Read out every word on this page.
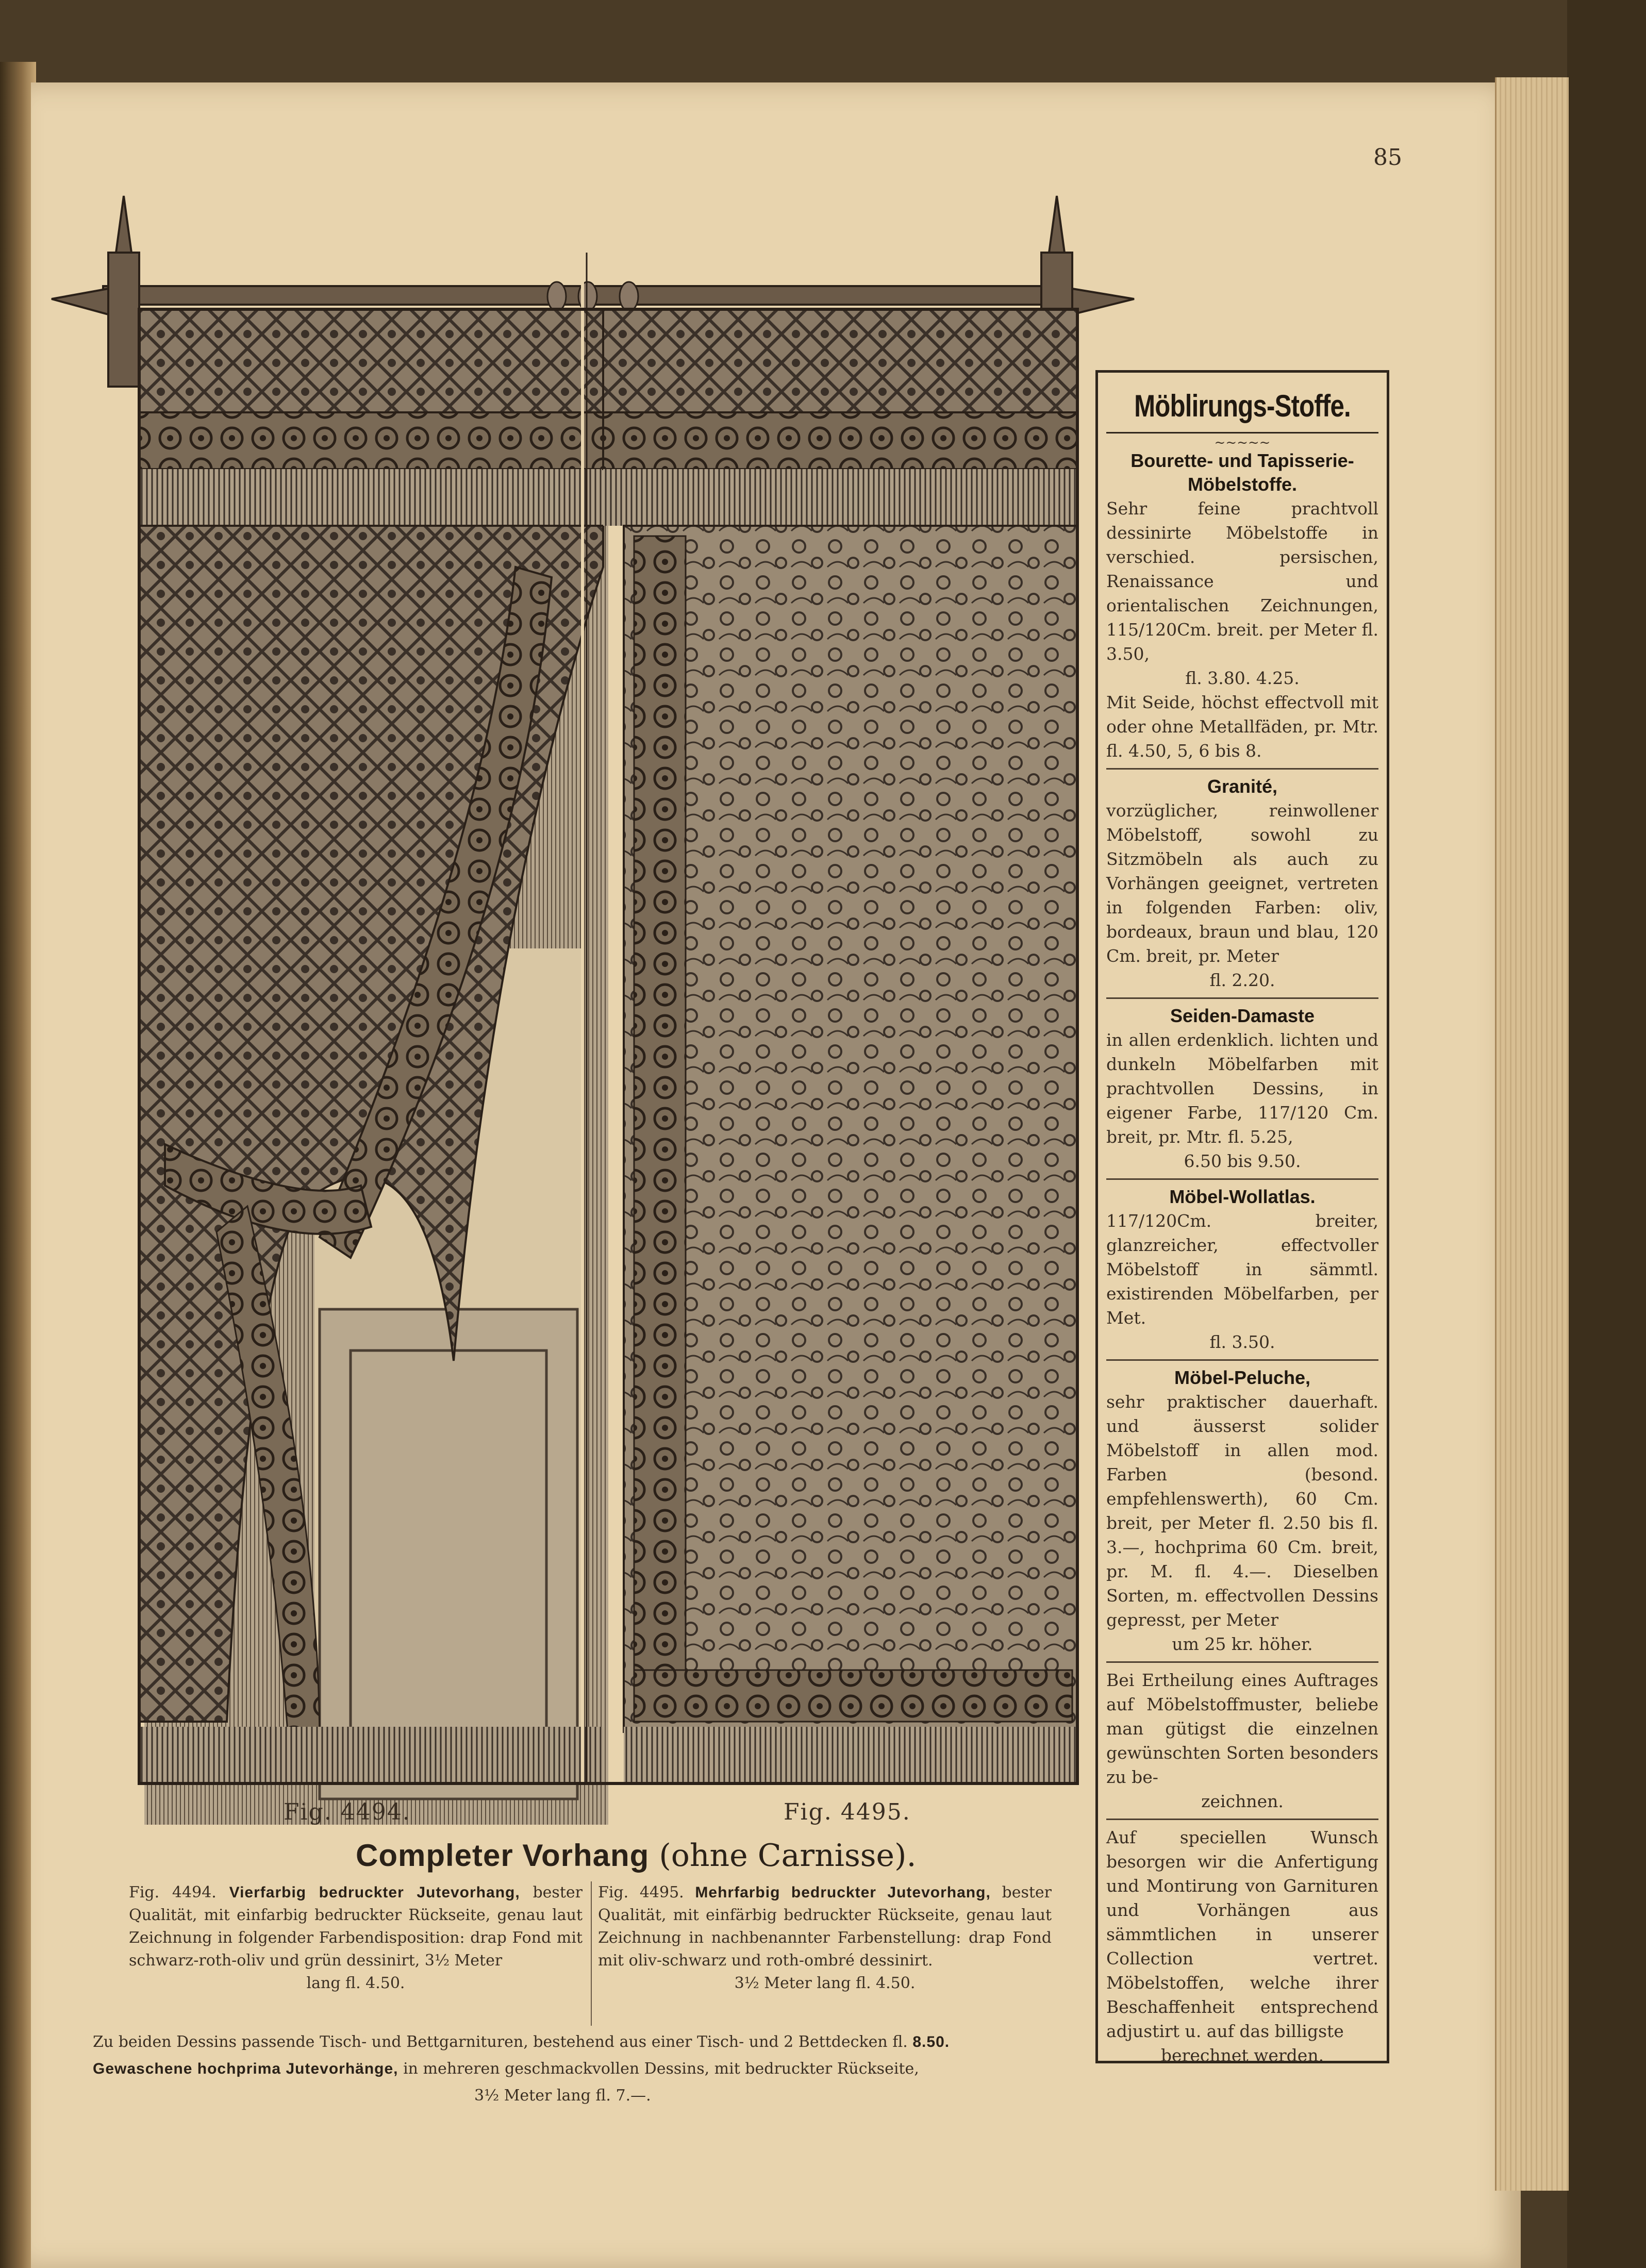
85
Fig. 4494.	Fig. 4495.
Completer Vorhang (ohne Carnisse).
Fig. 4494. Vierfarbig bedruckter Jutevorhang, bester Qualität, mit einfarbig bedruckter Rückseite, genau laut Zeichnung in folgender Farbendisposition: drap Fond mit schwarz-roth-oliv und grün dessinirt, 3½ Meter
lang fl. 4.50.
Fig. 4495. Mehrfarbig bedruckter Jutevorhang, bester Qualität, mit einfärbig bedruckter Rückseite, genau laut Zeichnung in nachbenannter Farbenstellung: drap Fond mit oliv-schwarz und roth-ombré dessinirt.
3½ Meter lang fl. 4.50.
Zu beiden Dessins passende Tisch- und Bettgarnituren, bestehend aus einer Tisch- und 2 Bettdecken fl. 8.50.
Gewaschene hochprima Jutevorhänge, in mehreren geschmackvollen Dessins, mit bedruckter Rückseite,
3½ Meter lang fl. 7.—.
Möblirungs-Stoffe.
~~~~~
Bourette- und Tapisserie-Möbelstoffe.
Sehr feine prachtvoll dessinirte Möbelstoffe in verschied. persischen, Renaissance und orientalischen Zeichnungen, 115/120Cm. breit. per Meter fl. 3.50,
fl. 3.80. 4.25.
Mit Seide, höchst effectvoll mit oder ohne Metallfäden, pr. Mtr. fl. 4.50, 5, 6 bis 8.
Granité,
vorzüglicher, reinwollener Möbelstoff, sowohl zu Sitzmöbeln als auch zu Vorhängen geeignet, vertreten in folgenden Farben: oliv, bordeaux, braun und blau, 120 Cm. breit, pr. Meter
fl. 2.20.
Seiden-Damaste
in allen erdenklich. lichten und dunkeln Möbelfarben mit prachtvollen Dessins, in eigener Farbe, 117/120 Cm. breit, pr. Mtr. fl. 5.25,
6.50 bis 9.50.
Möbel-Wollatlas.
117/120Cm. breiter, glanzreicher, effectvoller Möbelstoff in sämmtl. existirenden Möbelfarben, per Met.
fl. 3.50.
Möbel-Peluche,
sehr praktischer dauerhaft. und äusserst solider Möbelstoff in allen mod. Farben (besond. empfehlenswerth), 60 Cm. breit, per Meter fl. 2.50 bis fl. 3.—, hochprima 60 Cm. breit, pr. M. fl. 4.—. Dieselben Sorten, m. effectvollen Dessins gepresst, per Meter
um 25 kr. höher.
Bei Ertheilung eines Auftrages auf Möbelstoffmuster, beliebe man gütigst die einzelnen gewünschten Sorten besonders zu be-
zeichnen.
Auf speciellen Wunsch besorgen wir die Anfertigung und Montirung von Garnituren und Vorhängen aus sämmtlichen in unserer Collection vertret. Möbelstoffen, welche ihrer Beschaffenheit entsprechend adjustirt u. auf das billigste
berechnet werden.
